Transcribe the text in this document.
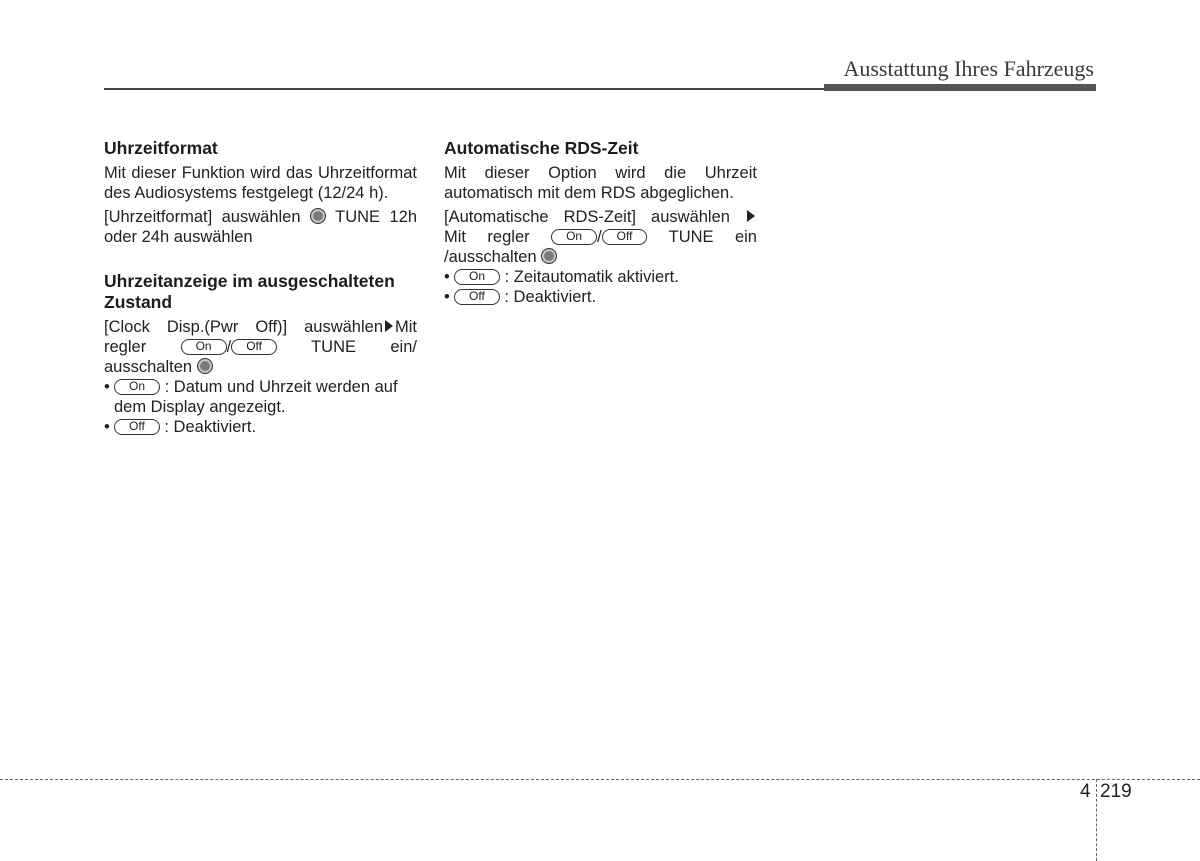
Ausstattung Ihres Fahrzeugs
Uhrzeitformat

Mit dieser Funktion wird das Uhrzeitformat des Audiosystems festgelegt (12/24 h).

[Uhrzeitformat] auswählen TUNE 12h oder 24h auswählen

Uhrzeitanzeige im ausgeschalteten Zustand
[Clock Disp.(Pwr Off)] auswählen Mit
regler	On / Off	TUNE ein/
ausschalten
•	On : Datum und Uhrzeit werden auf dem Display angezeigt.
•	Off : Deaktiviert.
Automatische RDS-Zeit

Mit dieser Option wird die Uhrzeit automatisch mit dem RDS abgeglichen.

[Automatische RDS-Zeit] auswählen
Mit regler	On / Off TUNE ein
/ausschalten
•	On : Zeitautomatik aktiviert.
•	Off : Deaktiviert.
4 219
